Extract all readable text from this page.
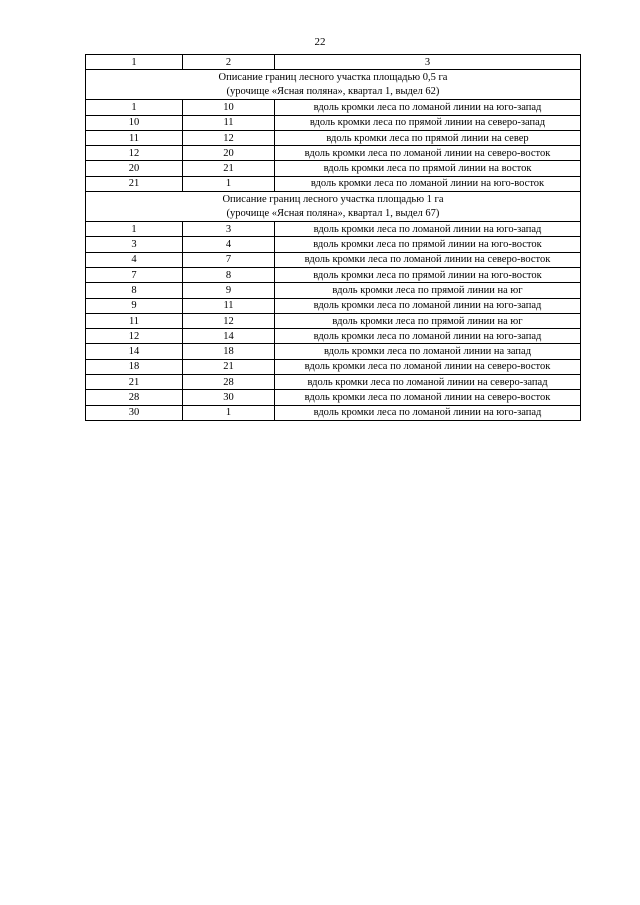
22
1	2	3

Описание границ лесного участка площадью 0,5 га
(урочище «Ясная поляна», квартал 1, выдел 62)		

1	10	вдоль кромки леса по ломаной линии на юго-запад
10	11	вдоль кромки леса по прямой линии на северо-запад
11	12	вдоль кромки леса по прямой линии на север
12	20	вдоль кромки леса по ломаной линии на северо-восток
20	21	вдоль кромки леса по прямой линии на восток
21	1	вдоль кромки леса по ломаной линии на юго-восток

Описание границ лесного участка площадью 1 га
(урочище «Ясная поляна», квартал 1, выдел 67)		

1	3	вдоль кромки леса по ломаной линии на юго-запад
3	4	вдоль кромки леса по прямой линии на юго-восток
4	7	вдоль кромки леса по ломаной линии на северо-восток
7	8	вдоль кромки леса по прямой линии на юго-восток
8	9	вдоль кромки леса по прямой линии на юг
9	11	вдоль кромки леса по ломаной линии на юго-запад
11	12	вдоль кромки леса по прямой линии на юг
12	14	вдоль кромки леса по ломаной линии на юго-запад
14	18	вдоль кромки леса по ломаной линии на запад
18	21	вдоль кромки леса по ломаной линии на северо-восток
21	28	вдоль кромки леса по ломаной линии на северо-запад
28	30	вдоль кромки леса по ломаной линии на северо-восток
30	1	вдоль кромки леса по ломаной линии на юго-запад
